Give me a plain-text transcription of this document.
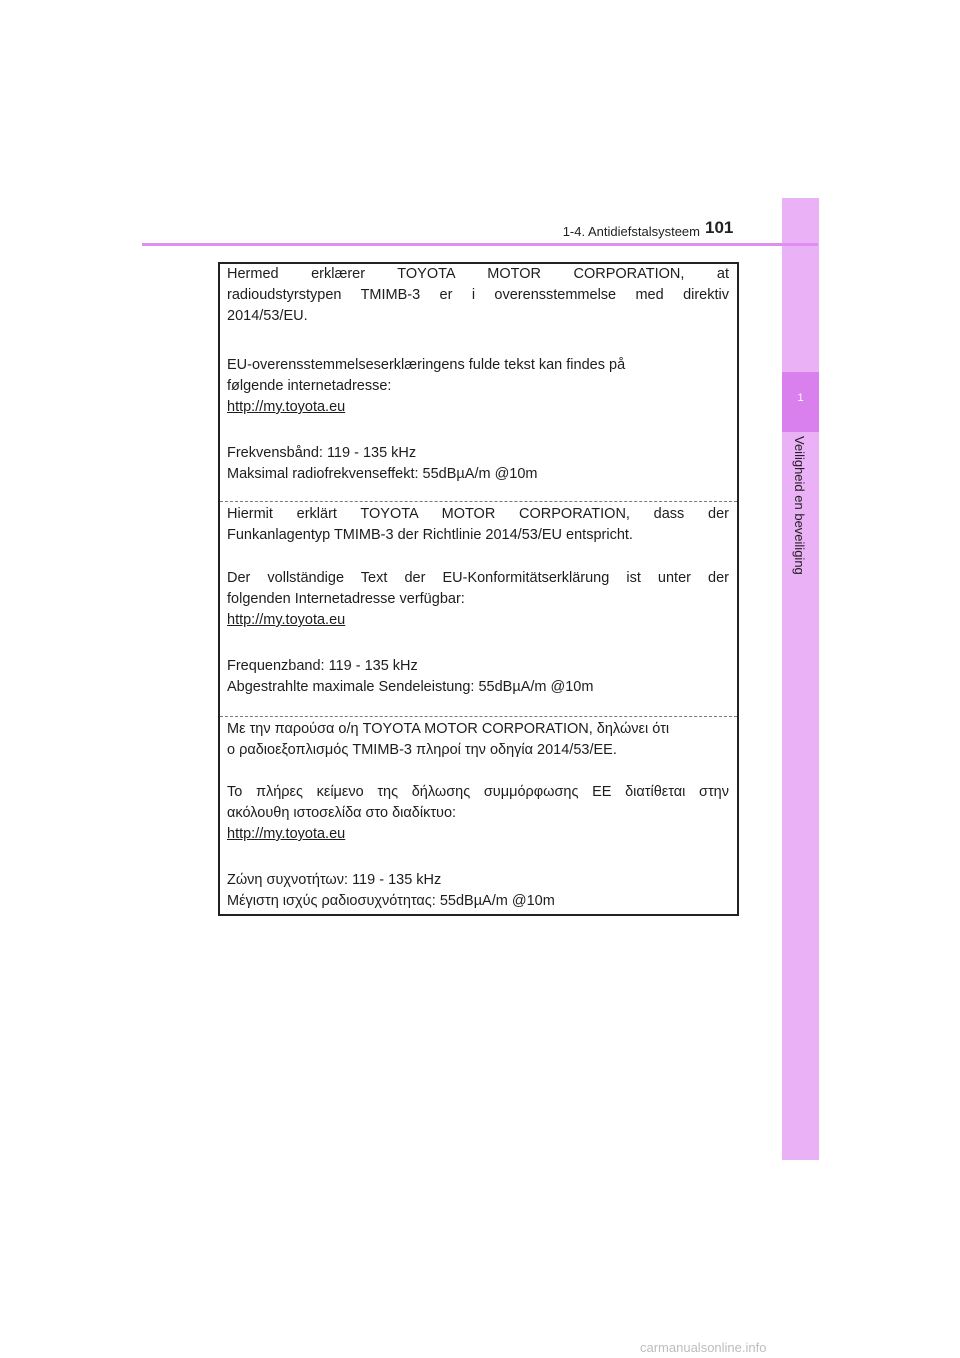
1
Veiligheid en beveiliging
1-4. Antidiefstalsysteem 101

Hermed erklærer TOYOTA MOTOR CORPORATION, at
radioudstyrstypen TMIMB-3 er i overensstemmelse med direktiv
2014/53/EU.

EU-overensstemmelseserklæringens fulde tekst kan findes på
følgende internetadresse:
http://my.toyota.eu

Frekvensbånd: 119 - 135 kHz
Maksimal radiofrekvenseffekt: 55dBµA/m @10m

Hiermit erklärt TOYOTA MOTOR CORPORATION, dass der
Funkanlagentyp TMIMB-3 der Richtlinie 2014/53/EU entspricht.

Der vollständige Text der EU-Konformitätserklärung ist unter der
folgenden Internetadresse verfügbar:
http://my.toyota.eu

Frequenzband: 119 - 135 kHz
Abgestrahlte maximale Sendeleistung: 55dBµA/m @10m

Με την παρούσα ο/η TOYOTA MOTOR CORPORATION, δηλώνει ότι
ο ραδιοεξοπλισμός TMIMB-3 πληροί την οδηγία 2014/53/ΕΕ.

Το πλήρες κείμενο της δήλωσης συμμόρφωσης ΕΕ διατίθεται στην
ακόλουθη ιστοσελίδα στο διαδίκτυο:
http://my.toyota.eu

Ζώνη συχνοτήτων: 119 - 135 kHz
Μέγιστη ισχύς ραδιοσυχνότητας: 55dBµA/m @10m

carmanualsonline.info
